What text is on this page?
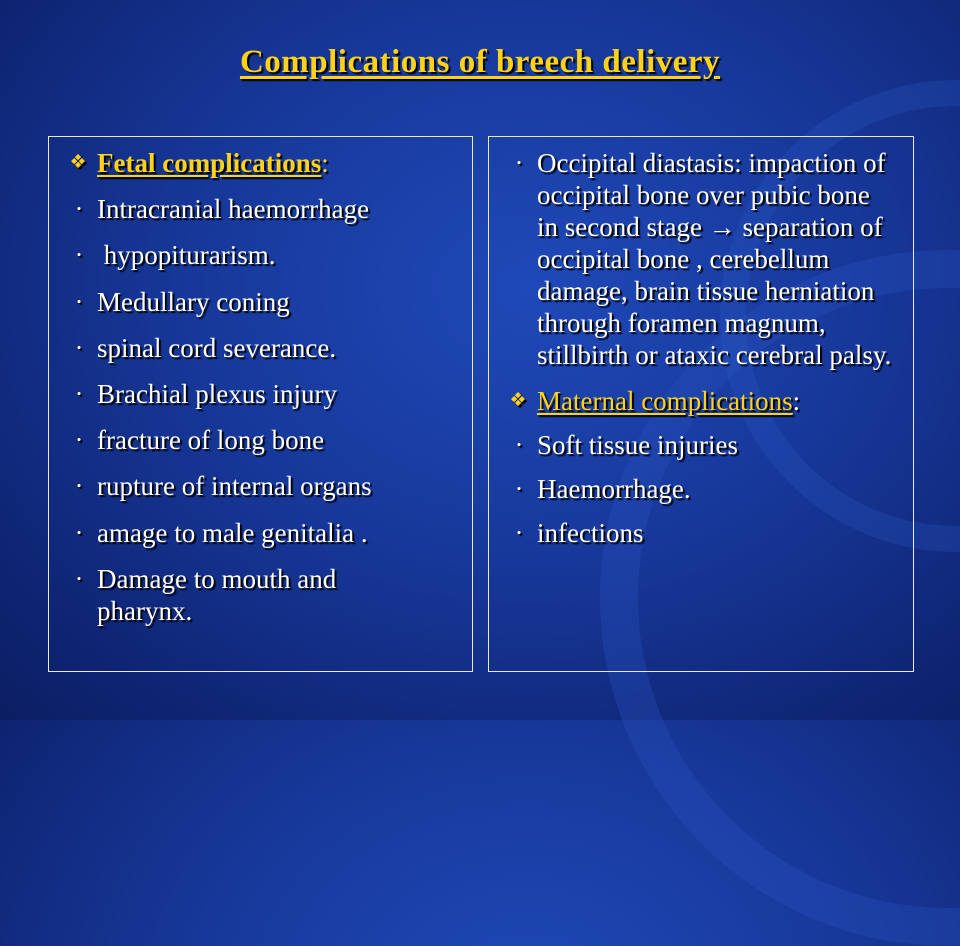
Complications of breech delivery
❖ Fetal complications:
• Intracranial haemorrhage
• hypopiturarism.
• Medullary coning
• spinal cord severance.
• Brachial plexus injury
• fracture of long bone
• rupture of internal organs
• amage to male genitalia .
• Damage to mouth and pharynx.
• Occipital diastasis: impaction of occipital bone over pubic bone in second stage → separation of occipital bone , cerebellum damage, brain tissue herniation through foramen magnum, stillbirth or ataxic cerebral palsy.
❖ Maternal complications:
• Soft tissue injuries
• Haemorrhage.
• infections
